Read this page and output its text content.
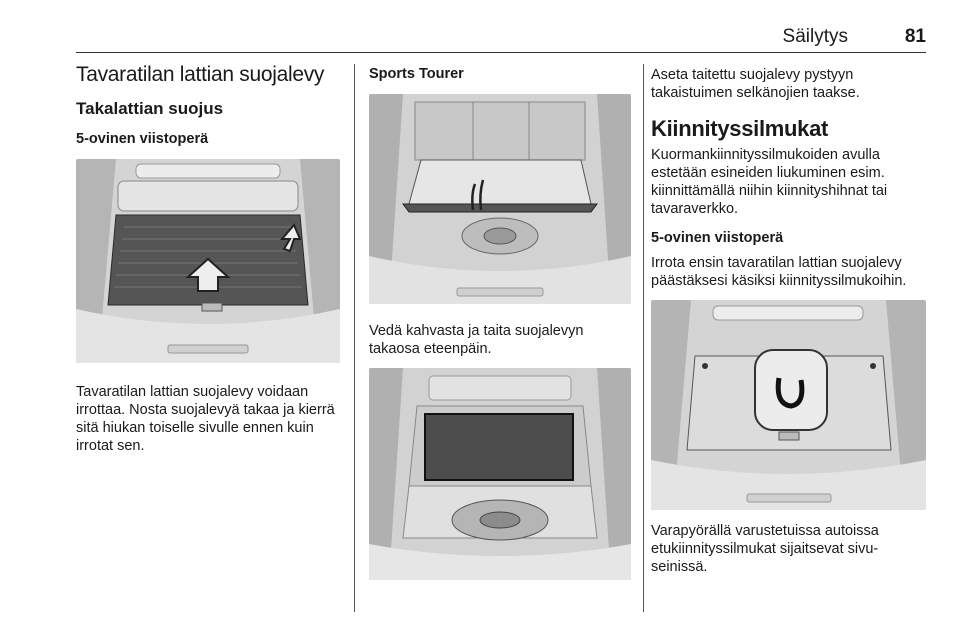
Säilytys	81
Tavaratilan lattian suojalevy
Takalattian suojus
5-ovinen viistoperä

Tavaratilan lattian suojalevy voidaan irrottaa. Nosta suojalevyä takaa ja kierrä sitä hiukan toiselle sivulle ennen kuin irrotat sen.

Sports Tourer

Vedä kahvasta ja taita suojalevyn takaosa eteenpäin.

Aseta taitettu suojalevy pystyyn takaistuimen selkänojien taakse.

Kiinnityssilmukat

Kuormankiinnityssilmukoiden avulla estetään esineiden liukuminen esim. kiinnittämällä niihin kiinnityshihnat tai tavaraverkko.

5-ovinen viistoperä

Irrota ensin tavaratilan lattian suojalevy päästäksesi käsiksi kiinnityssilmukoihin.

Varapyörällä varustetuissa autoissa etukiinnityssilmukat sijaitsevat sivuseinissä.
